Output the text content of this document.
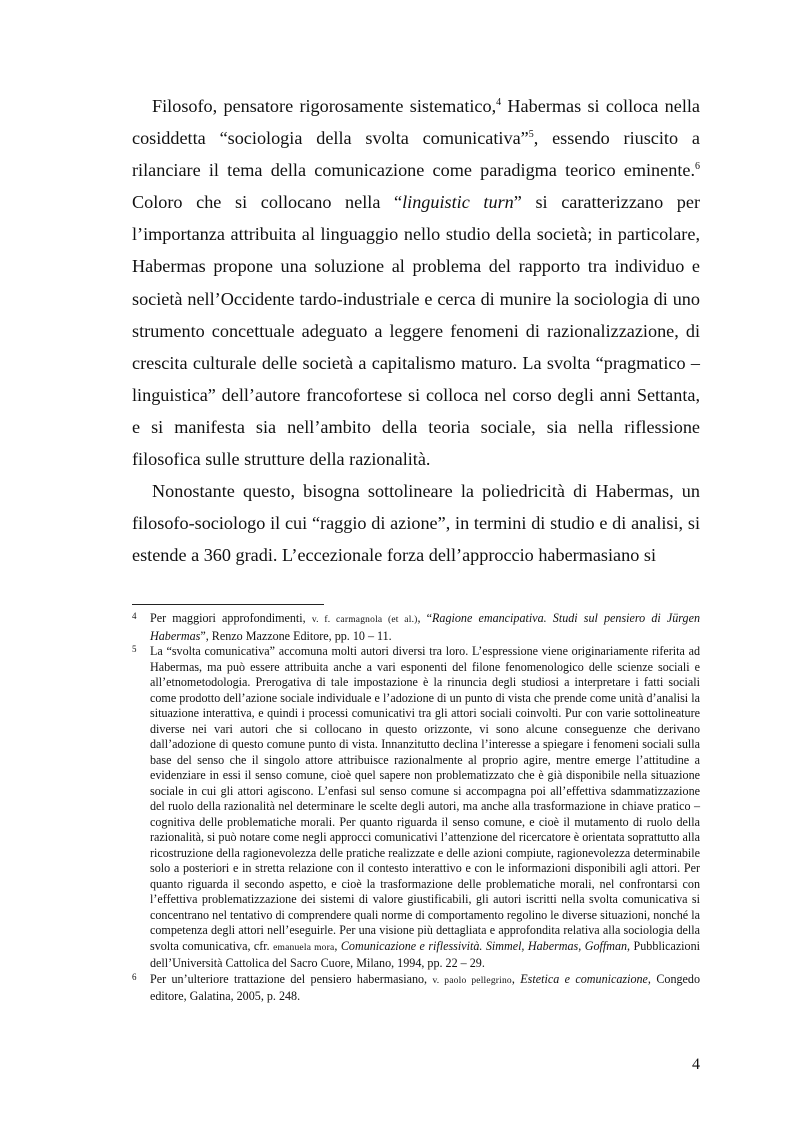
Filosofo, pensatore rigorosamente sistematico,$^4$ Habermas si colloca nella cosiddetta “sociologia della svolta comunicativa”$^5$, essendo riuscito a rilanciare il tema della comunicazione come paradigma teorico eminente.$^6$ Coloro che si collocano nella “linguistic turn” si caratterizzano per l’importanza attribuita al linguaggio nello studio della società; in particolare, Habermas propone una soluzione al problema del rapporto tra individuo e società nell’Occidente tardo-industriale e cerca di munire la sociologia di uno strumento concettuale adeguato a leggere fenomeni di razionalizzazione, di crescita culturale delle società a capitalismo maturo. La svolta “pragmatico – linguistica” dell’autore francofortese si colloca nel corso degli anni Settanta, e si manifesta sia nell’ambito della teoria sociale, sia nella riflessione filosofica sulle strutture della razionalità.

Nonostante questo, bisogna sottolineare la poliedricità di Habermas, un filosofo-sociologo il cui “raggio di azione”, in termini di studio e di analisi, si estende a 360 gradi. L’eccezionale forza dell’approccio habermasiano si

4	Per maggiori approfondimenti, v. f. carmagnola (et al.), “Ragione emancipativa. Studi sul pensiero di Jürgen Habermas”, Renzo Mazzone Editore, pp. 10 – 11.
5	La “svolta comunicativa” accomuna molti autori diversi tra loro. L’espressione viene originariamente riferita ad Habermas, ma può essere attribuita anche a vari esponenti del filone fenomenologico delle scienze sociali e all’etnometodologia. Prerogativa di tale impostazione è la rinuncia degli studiosi a interpretare i fatti sociali come prodotto dell’azione sociale individuale e l’adozione di un punto di vista che prende come unità d’analisi la situazione interattiva, e quindi i processi comunicativi tra gli attori sociali coinvolti. Pur con varie sottolineature diverse nei vari autori che si collocano in questo orizzonte, vi sono alcune conseguenze che derivano dall’adozione di questo comune punto di vista. Innanzitutto declina l’interesse a spiegare i fenomeni sociali sulla base del senso che il singolo attore attribuisce razionalmente al proprio agire, mentre emerge l’attitudine a evidenziare in essi il senso comune, cioè quel sapere non problematizzato che è già disponibile nella situazione sociale in cui gli attori agiscono. L’enfasi sul senso comune si accompagna poi all’effettiva sdammatizzazione del ruolo della razionalità nel determinare le scelte degli autori, ma anche alla trasformazione in chiave pratico – cognitiva delle problematiche morali. Per quanto riguarda il senso comune, e cioè il mutamento di ruolo della razionalità, si può notare come negli approcci comunicativi l’attenzione del ricercatore è orientata soprattutto alla ricostruzione della ragionevolezza delle pratiche realizzate e delle azioni compiute, ragionevolezza determinabile solo a posteriori e in stretta relazione con il contesto interattivo e con le informazioni disponibili agli attori. Per quanto riguarda il secondo aspetto, e cioè la trasformazione delle problematiche morali, nel confrontarsi con l’effettiva problematizzazione dei sistemi di valore giustificabili, gli autori iscritti nella svolta comunicativa si concentrano nel tentativo di comprendere quali norme di comportamento regolino le diverse situazioni, nonché la competenza degli attori nell’eseguirle. Per una visione più dettagliata e approfondita relativa alla sociologia della svolta comunicativa, cfr. emanuela mora, Comunicazione e riflessività. Simmel, Habermas, Goffman, Pubblicazioni dell’Università Cattolica del Sacro Cuore, Milano, 1994, pp. 22 – 29.
6	Per un’ulteriore trattazione del pensiero habermasiano, v. paolo pellegrino, Estetica e comunicazione, Congedo editore, Galatina, 2005, p. 248.
4
